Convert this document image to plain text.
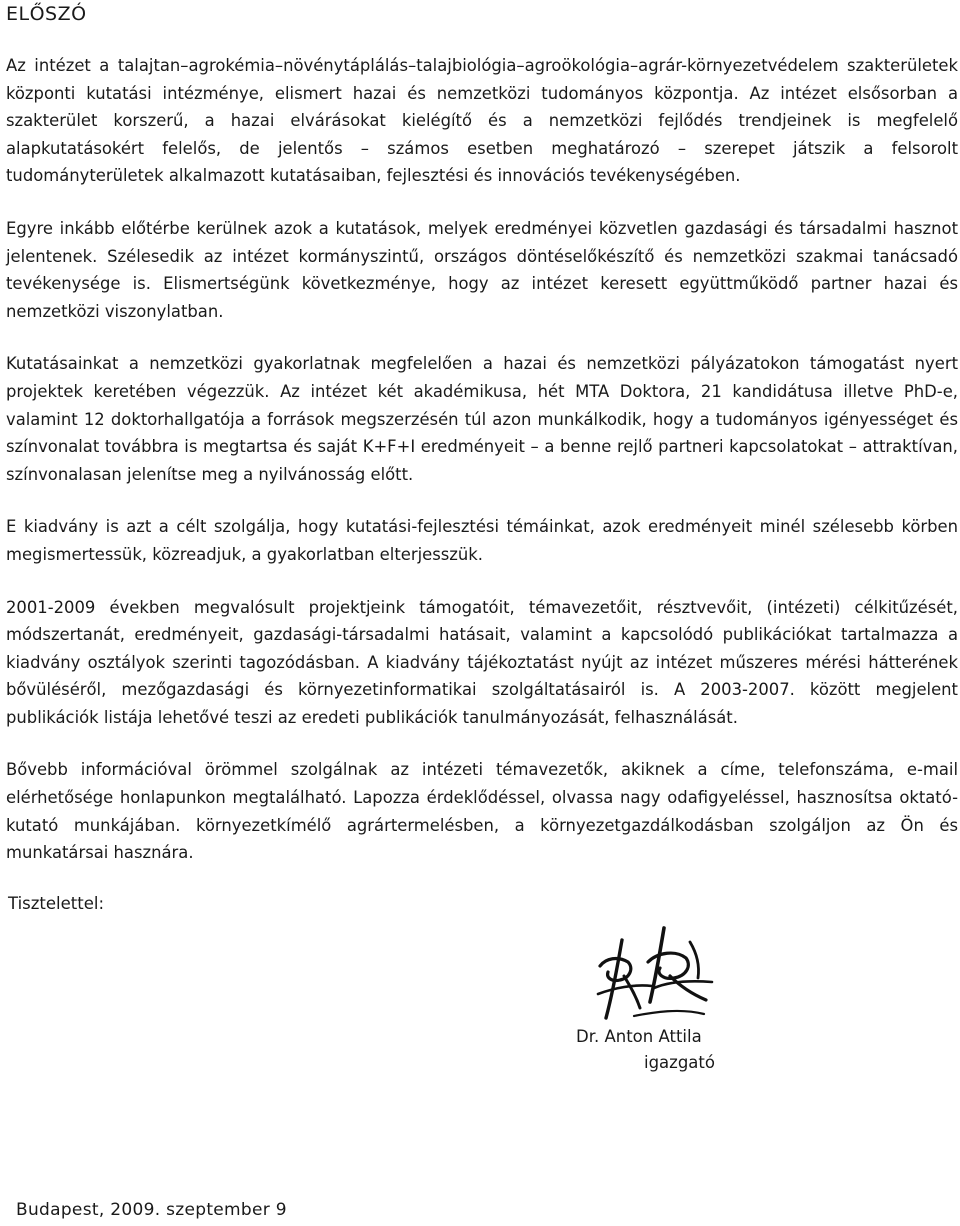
ELŐSZÓ

Az intézet a talajtan–agrokémia–növénytáplálás–talajbiológia–agroökológia–agrár-környezetvédelem szakterületek központi kutatási intézménye, elismert hazai és nemzetközi tudományos központja. Az intézet elsősorban a szakterület korszerű, a hazai elvárásokat kielégítő és a nemzetközi fejlődés trendjeinek is megfelelő alapkutatásokért felelős, de jelentős – számos esetben meghatározó – szerepet játszik a felsorolt tudományterületek alkalmazott kutatásaiban, fejlesztési és innovációs tevékenységében.

Egyre inkább előtérbe kerülnek azok a kutatások, melyek eredményei közvetlen gazdasági és társadalmi hasznot jelentenek. Szélesedik az intézet kormányszintű, országos döntéselőkészítő és nemzetközi szakmai tanácsadó tevékenysége is. Elismertségünk következménye, hogy az intézet keresett együttműködő partner hazai és nemzetközi viszonylatban.

Kutatásainkat a nemzetközi gyakorlatnak megfelelően a hazai és nemzetközi pályázatokon támogatást nyert projektek keretében végezzük. Az intézet két akadémikusa, hét MTA Doktora, 21 kandidátusa illetve PhD-e, valamint 12 doktorhallgatója a források megszerzésén túl azon munkálkodik, hogy a tudományos igényességet és színvonalat továbbra is megtartsa és saját K+F+I eredményeit – a benne rejlő partneri kapcsolatokat – attraktívan, színvonalasan jelenítse meg a nyilvánosság előtt.

E kiadvány is azt a célt szolgálja, hogy kutatási-fejlesztési témáinkat, azok eredményeit minél szélesebb körben megismertessük, közreadjuk, a gyakorlatban elterjesszük.

2001-2009 években megvalósult projektjeink támogatóit, témavezetőit, résztvevőit, (intézeti) célkitűzését, módszertanát, eredményeit, gazdasági-társadalmi hatásait, valamint a kapcsolódó publikációkat tartalmazza a kiadvány osztályok szerinti tagozódásban. A kiadvány tájékoztatást nyújt az intézet műszeres mérési hátterének bővüléséről, mezőgazdasági és környezetinformatikai szolgáltatásairól is. A 2003-2007. között megjelent publikációk listája lehetővé teszi az eredeti publikációk tanulmányozását, felhasználását.

Bővebb információval örömmel szolgálnak az intézeti témavezetők, akiknek a címe, telefonszáma, e-mail elérhetősége honlapunkon megtalálható. Lapozza érdeklődéssel, olvassa nagy odafigyeléssel, hasznosítsa oktató-kutató munkájában. környezetkímélő agrártermelésben, a környezetgazdálkodásban szolgáljon az Ön és munkatársai hasznára.

Tisztelettel:
Dr. Anton Attila
igazgató
Budapest, 2009. szeptember 9
